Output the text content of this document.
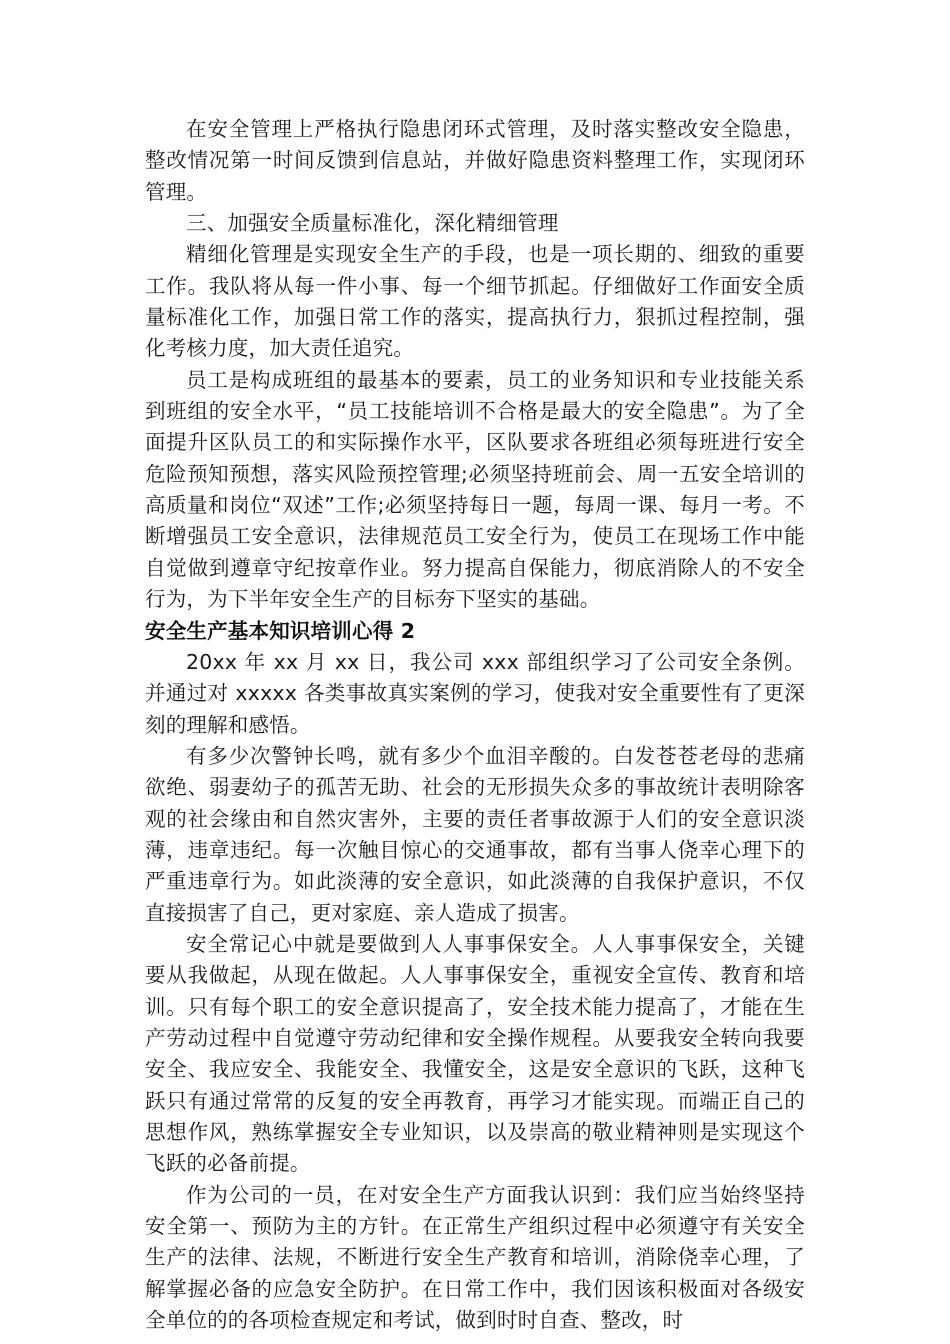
在安全管理上严格执行隐患闭环式管理，及时落实整改安全隐患，整改情况第一时间反馈到信息站，并做好隐患资料整理工作，实现闭环管理。

三、加强安全质量标准化，深化精细管理

精细化管理是实现安全生产的手段，也是一项长期的、细致的重要工作。我队将从每一件小事、每一个细节抓起。仔细做好工作面安全质量标准化工作，加强日常工作的落实，提高执行力，狠抓过程控制，强化考核力度，加大责任追究。

员工是构成班组的最基本的要素，员工的业务知识和专业技能关系到班组的安全水平，“员工技能培训不合格是最大的安全隐患”。为了全面提升区队员工的和实际操作水平，区队要求各班组必须每班进行安全危险预知预想，落实风险预控管理;必须坚持班前会、周一五安全培训的高质量和岗位“双述”工作;必须坚持每日一题，每周一课、每月一考。不断增强员工安全意识，法律规范员工安全行为，使员工在现场工作中能自觉做到遵章守纪按章作业。努力提高自保能力，彻底消除人的不安全行为，为下半年安全生产的目标夯下坚实的基础。

安全生产基本知识培训心得 2

20xx 年 xx 月 xx 日，我公司 xxx 部组织学习了公司安全条例。并通过对 xxxxx 各类事故真实案例的学习，使我对安全重要性有了更深刻的理解和感悟。

有多少次警钟长鸣，就有多少个血泪辛酸的。白发苍苍老母的悲痛欲绝、弱妻幼子的孤苦无助、社会的无形损失众多的事故统计表明除客观的社会缘由和自然灾害外，主要的责任者事故源于人们的安全意识淡薄，违章违纪。每一次触目惊心的交通事故，都有当事人侥幸心理下的严重违章行为。如此淡薄的安全意识，如此淡薄的自我保护意识，不仅直接损害了自己，更对家庭、亲人造成了损害。

安全常记心中就是要做到人人事事保安全。人人事事保安全，关键要从我做起，从现在做起。人人事事保安全，重视安全宣传、教育和培训。只有每个职工的安全意识提高了，安全技术能力提高了，才能在生产劳动过程中自觉遵守劳动纪律和安全操作规程。从要我安全转向我要安全、我应安全、我能安全、我懂安全，这是安全意识的飞跃，这种飞跃只有通过常常的反复的安全再教育，再学习才能实现。而端正自己的思想作风，熟练掌握安全专业知识，以及崇高的敬业精神则是实现这个飞跃的必备前提。

作为公司的一员，在对安全生产方面我认识到：我们应当始终坚持安全第一、预防为主的方针。在正常生产组织过程中必须遵守有关安全生产的法律、法规，不断进行安全生产教育和培训，消除侥幸心理，了解掌握必备的应急安全防护。在日常工作中，我们因该积极面对各级安全单位的的各项检查规定和考试，做到时时自查、整改，时
